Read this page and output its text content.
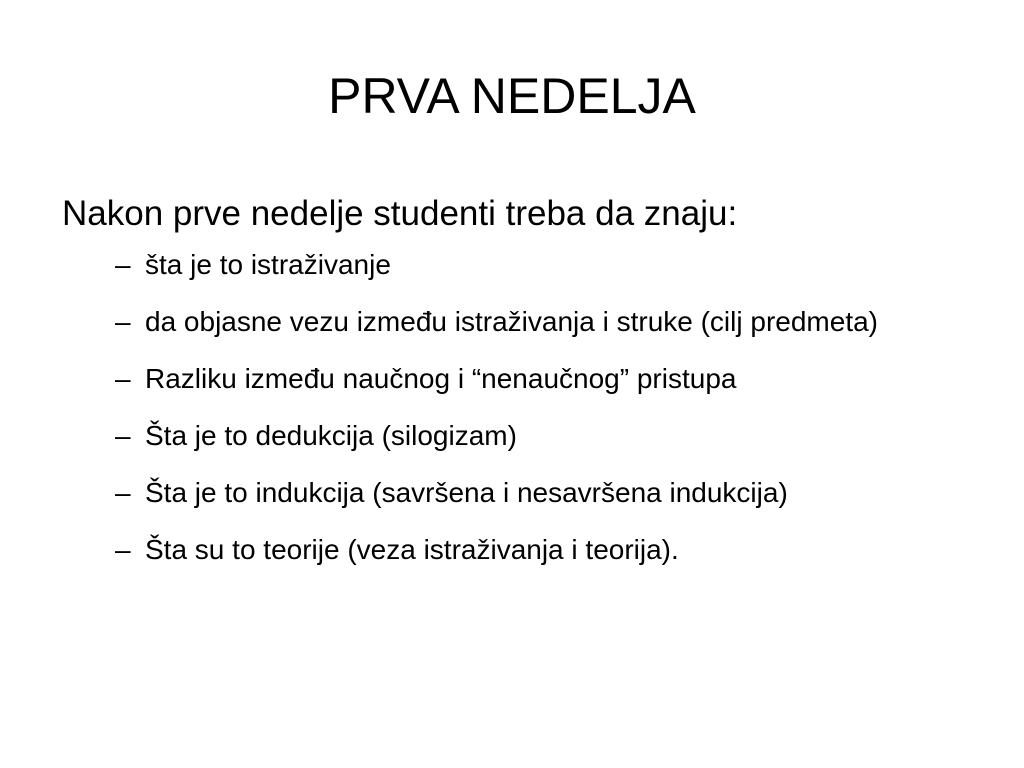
PRVA NEDELJA

Nakon prve nedelje studenti treba da znaju:

– šta je to istraživanje
– da objasne vezu između istraživanja i struke (cilj predmeta)
– Razliku između naučnog i “nenaučnog” pristupa
– Šta je to dedukcija (silogizam)
– Šta je to indukcija (savršena i nesavršena indukcija)
– Šta su to teorije (veza istraživanja i teorija).
